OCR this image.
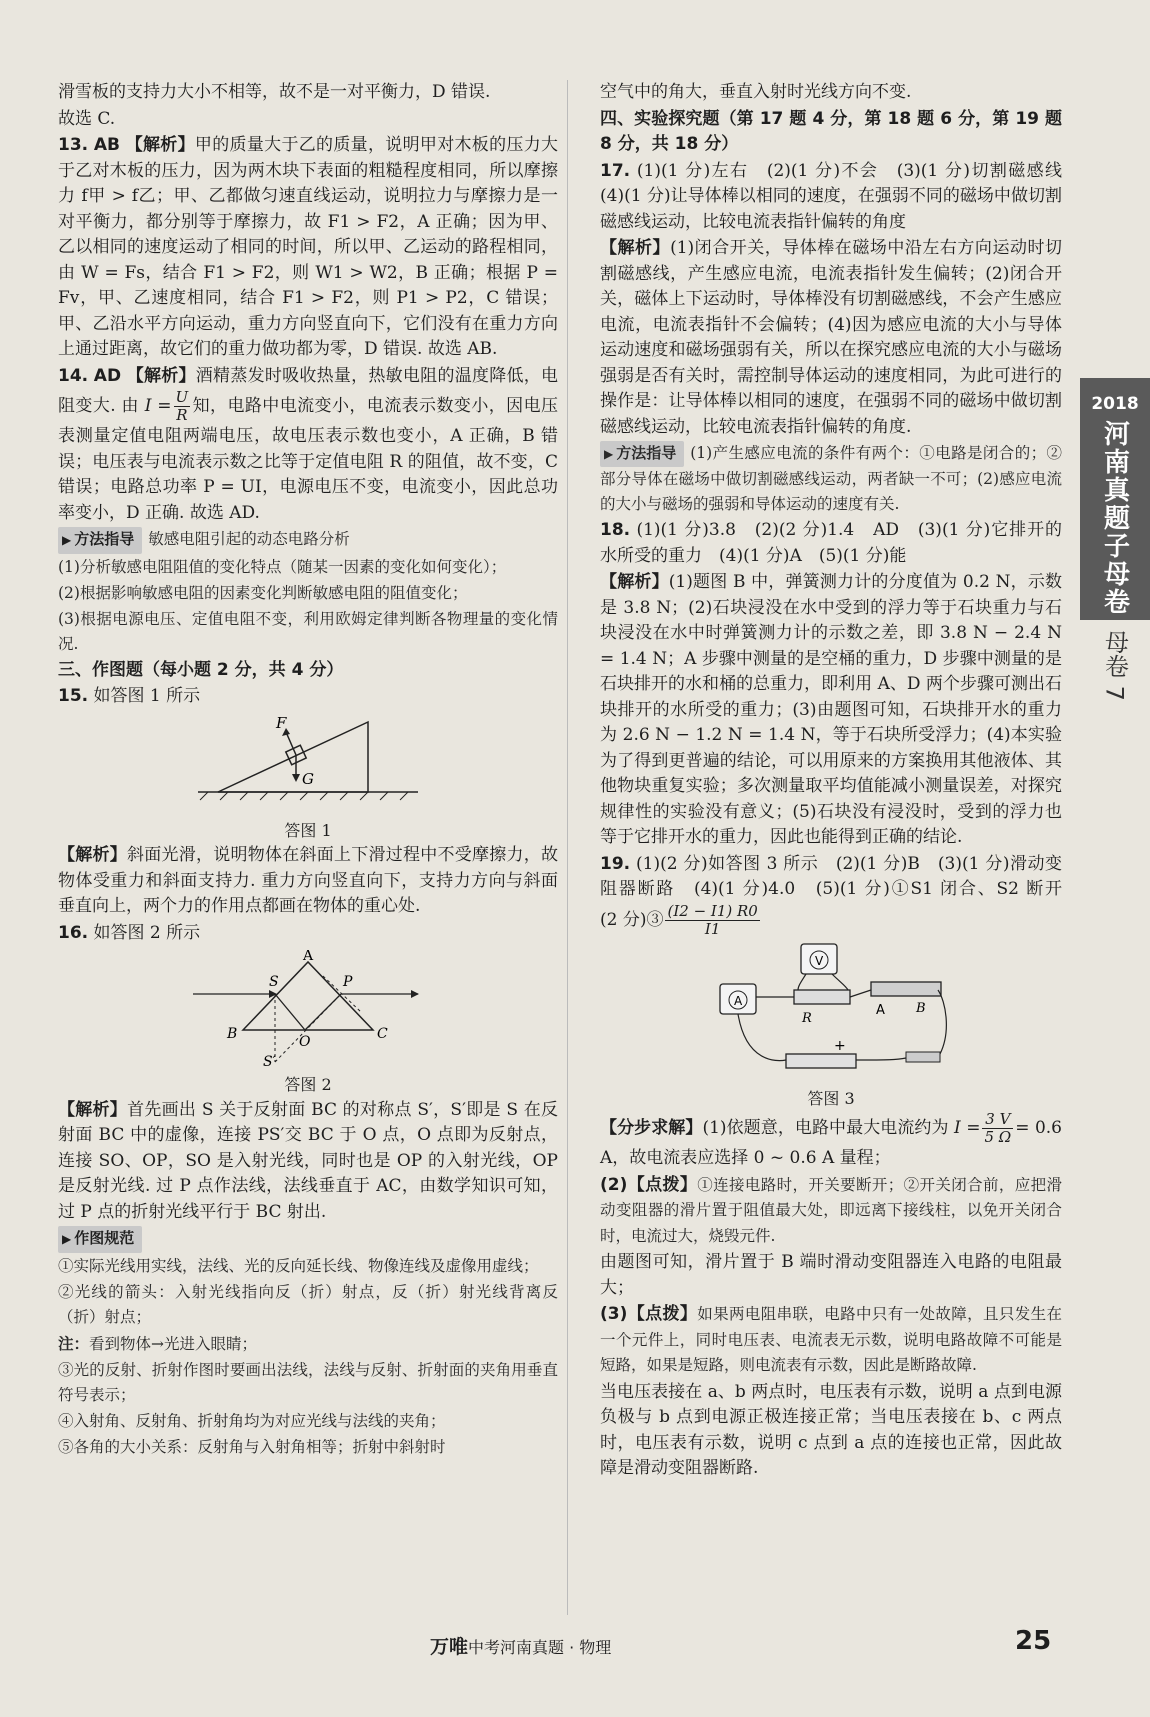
滑雪板的支持力大小不相等，故不是一对平衡力，D 错误.

故选 C.

13. AB 【解析】甲的质量大于乙的质量，说明甲对木板的压力大于乙对木板的压力，因为两木块下表面的粗糙程度相同，所以摩擦力 f甲 > f乙；甲、乙都做匀速直线运动，说明拉力与摩擦力是一对平衡力，都分别等于摩擦力，故 F1 > F2，A 正确；因为甲、乙以相同的速度运动了相同的时间，所以甲、乙运动的路程相同，由 W = Fs，结合 F1 > F2，则 W1 > W2，B 正确；根据 P = Fv，甲、乙速度相同，结合 F1 > F2，则 P1 > P2，C 错误；甲、乙沿水平方向运动，重力方向竖直向下，它们没有在重力方向上通过距离，故它们的重力做功都为零，D 错误. 故选 AB.

14. AD 【解析】酒精蒸发时吸收热量，热敏电阻的温度降低，电阻变大. 由 $I = \frac{U}{R}$ 知，电路中电流变小，电流表示数变小，因电压表测量定值电阻两端电压，故电压表示数也变小，A 正确，B 错误；电压表与电流表示数之比等于定值电阻 R 的阻值，故不变，C 错误；电路总功率 P = UI，电源电压不变，电流变小，因此总功率变小，D 正确. 故选 AD.

▶ 方法指导 敏感电阻引起的动态电路分析

(1)分析敏感电阻阻值的变化特点（随某一因素的变化如何变化）；

(2)根据影响敏感电阻的因素变化判断敏感电阻的阻值变化；

(3)根据电源电压、定值电阻不变，利用欧姆定律判断各物理量的变化情况.

三、作图题（每小题 2 分，共 4 分）

15. 如答图 1 所示

F
G
答图 1

【解析】斜面光滑，说明物体在斜面上下滑过程中不受摩擦力，故物体受重力和斜面支持力. 重力方向竖直向下，支持力方向与斜面垂直向上，两个力的作用点都画在物体的重心处.

16. 如答图 2 所示

A
B	C
S	P
O
S′
答图 2

【解析】首先画出 S 关于反射面 BC 的对称点 S′，S′即是 S 在反射面 BC 中的虚像，连接 PS′交 BC 于 O 点，O 点即为反射点，连接 SO、OP，SO 是入射光线，同时也是 OP 的入射光线，OP 是反射光线. 过 P 点作法线，法线垂直于 AC，由数学知识可知，过 P 点的折射光线平行于 BC 射出.

▶ 作图规范

①实际光线用实线，法线、光的反向延长线、物像连线及虚像用虚线；

②光线的箭头：入射光线指向反（折）射点，反（折）射光线背离反（折）射点；

注：看到物体→光进入眼睛；

③光的反射、折射作图时要画出法线，法线与反射、折射面的夹角用垂直符号表示；

④入射角、反射角、折射角均为对应光线与法线的夹角；

⑤各角的大小关系：反射角与入射角相等；折射中斜射时

空气中的角大，垂直入射时光线方向不变.

四、实验探究题（第 17 题 4 分，第 18 题 6 分，第 19 题 8 分，共 18 分）

17. (1)(1 分)左右　(2)(1 分)不会　(3)(1 分)切割磁感线　(4)(1 分)让导体棒以相同的速度，在强弱不同的磁场中做切割磁感线运动，比较电流表指针偏转的角度

【解析】(1)闭合开关，导体棒在磁场中沿左右方向运动时切割磁感线，产生感应电流，电流表指针发生偏转；(2)闭合开关，磁体上下运动时，导体棒没有切割磁感线，不会产生感应电流，电流表指针不会偏转；(4)因为感应电流的大小与导体运动速度和磁场强弱有关，所以在探究感应电流的大小与磁场强弱是否有关时，需控制导体运动的速度相同，为此可进行的操作是：让导体棒以相同的速度，在强弱不同的磁场中做切割磁感线运动，比较电流表指针偏转的角度.

▶ 方法指导 (1)产生感应电流的条件有两个：①电路是闭合的；②部分导体在磁场中做切割磁感线运动，两者缺一不可；(2)感应电流的大小与磁场的强弱和导体运动的速度有关.

18. (1)(1 分)3.8　(2)(2 分)1.4　AD　(3)(1 分)它排开的水所受的重力　(4)(1 分)A　(5)(1 分)能

【解析】(1)题图 B 中，弹簧测力计的分度值为 0.2 N，示数是 3.8 N；(2)石块浸没在水中受到的浮力等于石块重力与石块浸没在水中时弹簧测力计的示数之差，即 3.8 N − 2.4 N = 1.4 N；A 步骤中测量的是空桶的重力，D 步骤中测量的是石块排开的水和桶的总重力，即利用 A、D 两个步骤可测出石块排开的水所受的重力；(3)由题图可知，石块排开水的重力为 2.6 N − 1.2 N = 1.4 N，等于石块所受浮力；(4)本实验为了得到更普遍的结论，可以用原来的方案换用其他液体、其他物块重复实验；多次测量取平均值能减小测量误差，对探究规律性的实验没有意义；(5)石块没有浸没时，受到的浮力也等于它排开水的重力，因此也能得到正确的结论.

19. (1)(2 分)如答图 3 所示　(2)(1 分)B　(3)(1 分)滑动变阻器断路　(4)(1 分)4.0　(5)(1 分)①S1 闭合、S2 断开　(2 分)③ $\frac{(I2 - I1) R0}{I1}$

V
A
R
B
A
+
答图 3

【分步求解】(1)依题意，电路中最大电流约为 $I = \frac{3 V}{5 \Omega} = 0.6$ A，故电流表应选择 0 ~ 0.6 A 量程；

(2)【点拨】①连接电路时，开关要断开；②开关闭合前，应把滑动变阻器的滑片置于阻值最大处，即远离下接线柱，以免开关闭合时，电流过大，烧毁元件.

由题图可知，滑片置于 B 端时滑动变阻器连入电路的电阻最大；

(3)【点拨】如果两电阻串联，电路中只有一处故障，且只发生在一个元件上，同时电压表、电流表无示数，说明电路故障不可能是短路，如果是短路，则电流表有示数，因此是断路故障.

当电压表接在 a、b 两点时，电压表有示数，说明 a 点到电源负极与 b 点到电源正极连接正常；当电压表接在 b、c 两点时，电压表有示数，说明 c 点到 a 点的连接也正常，因此故障是滑动变阻器断路.

2018
河南真题子母卷
母卷 7
万唯中考河南真题 · 物理	25
